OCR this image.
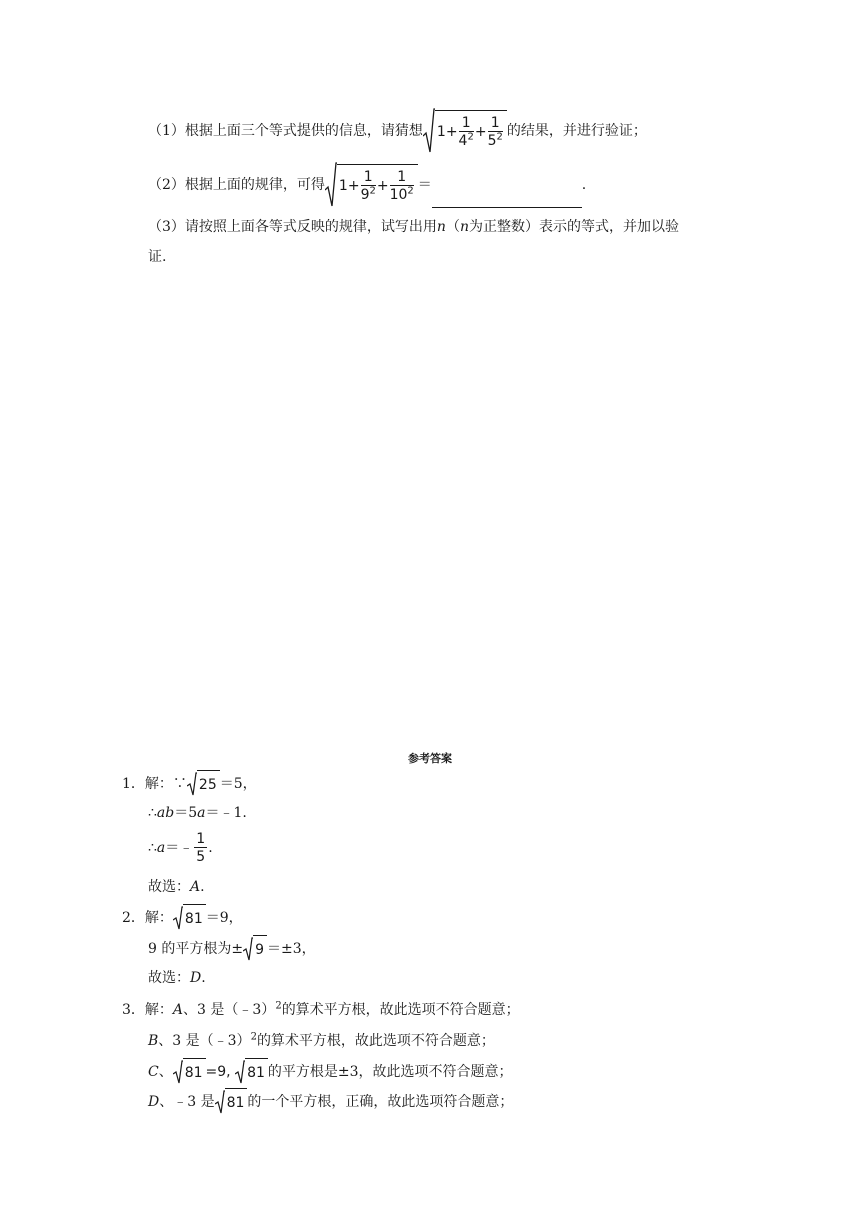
（1）根据上面三个等式提供的信息，请猜想 $1+ \frac{1}{4^2} + \frac{1}{5^2}$ 的结果，并进行验证；
（2）根据上面的规律，可得 $1+ \frac{1}{9^2} + \frac{1}{10^2}$ ＝	.
（3）请按照上面各等式反映的规律，试写出用n（n为正整数）表示的等式，并加以验
证.
参考答案
1．解：∵ 25 ＝5，
∴ab＝5a＝﹣1.
∴a＝﹣ $\frac{1}{5}$ .
故选：A.
2．解： 81 ＝9，
9 的平方根为± 9 ＝±3，
故选：D.
3．解：A、3 是（﹣3）$^2$的算术平方根，故此选项不符合题意；
B、3 是（﹣3）$^2$的算术平方根，故此选项不符合题意；
C、 81 =9, 81 的平方根是±3，故此选项不符合题意；
D、﹣3 是 81 的一个平方根，正确，故此选项符合题意；
